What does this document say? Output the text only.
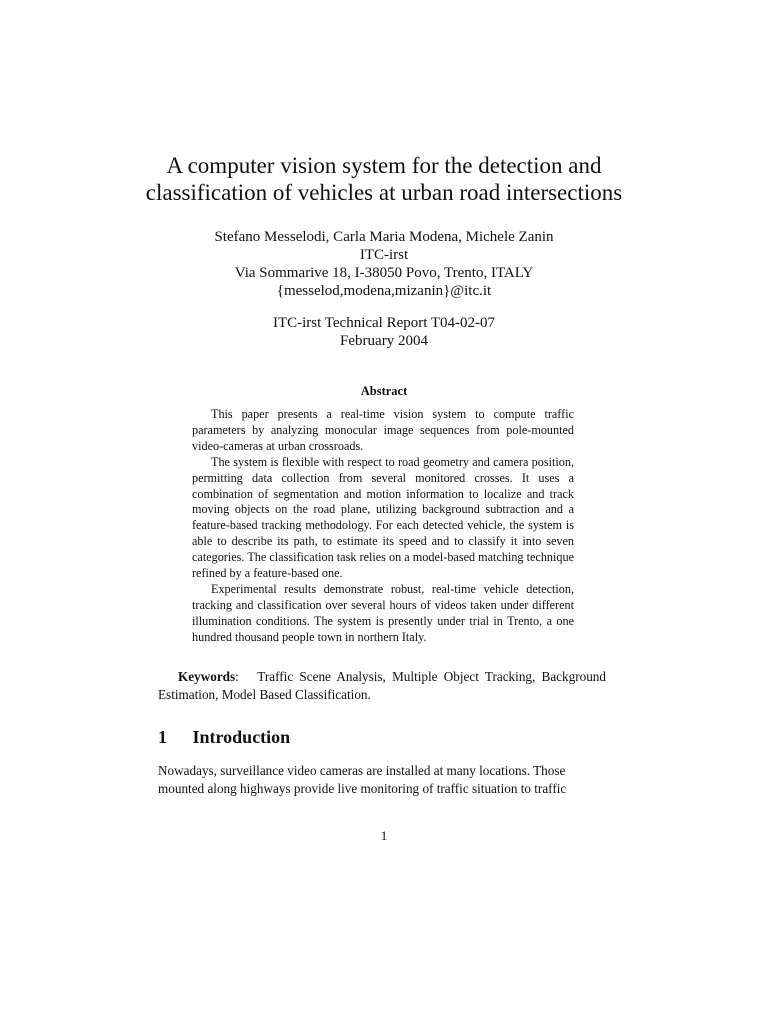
A computer vision system for the detection and
classification of vehicles at urban road intersections
Stefano Messelodi, Carla Maria Modena, Michele Zanin
ITC-irst
Via Sommarive 18, I-38050 Povo, Trento, ITALY
{messelod,modena,mizanin}@itc.it
ITC-irst Technical Report T04-02-07
February 2004
Abstract

This paper presents a real-time vision system to compute traffic parameters by analyzing monocular image sequences from pole-mounted video-cameras at urban crossroads.

The system is flexible with respect to road geometry and camera position, permitting data collection from several monitored crosses. It uses a combination of segmentation and motion information to localize and track moving objects on the road plane, utilizing background subtraction and a feature-based tracking methodology. For each detected vehicle, the system is able to describe its path, to estimate its speed and to classify it into seven categories. The classification task relies on a model-based matching technique refined by a feature-based one.

Experimental results demonstrate robust, real-time vehicle detection, tracking and classification over several hours of videos taken under different illumination conditions. The system is presently under trial in Trento, a one hundred thousand people town in northern Italy.

Keywords:   Traffic Scene Analysis, Multiple Object Tracking, Background Estimation, Model Based Classification.
1 Introduction
Nowadays, surveillance video cameras are installed at many locations. Those
mounted along highways provide live monitoring of traffic situation to traffic
1
